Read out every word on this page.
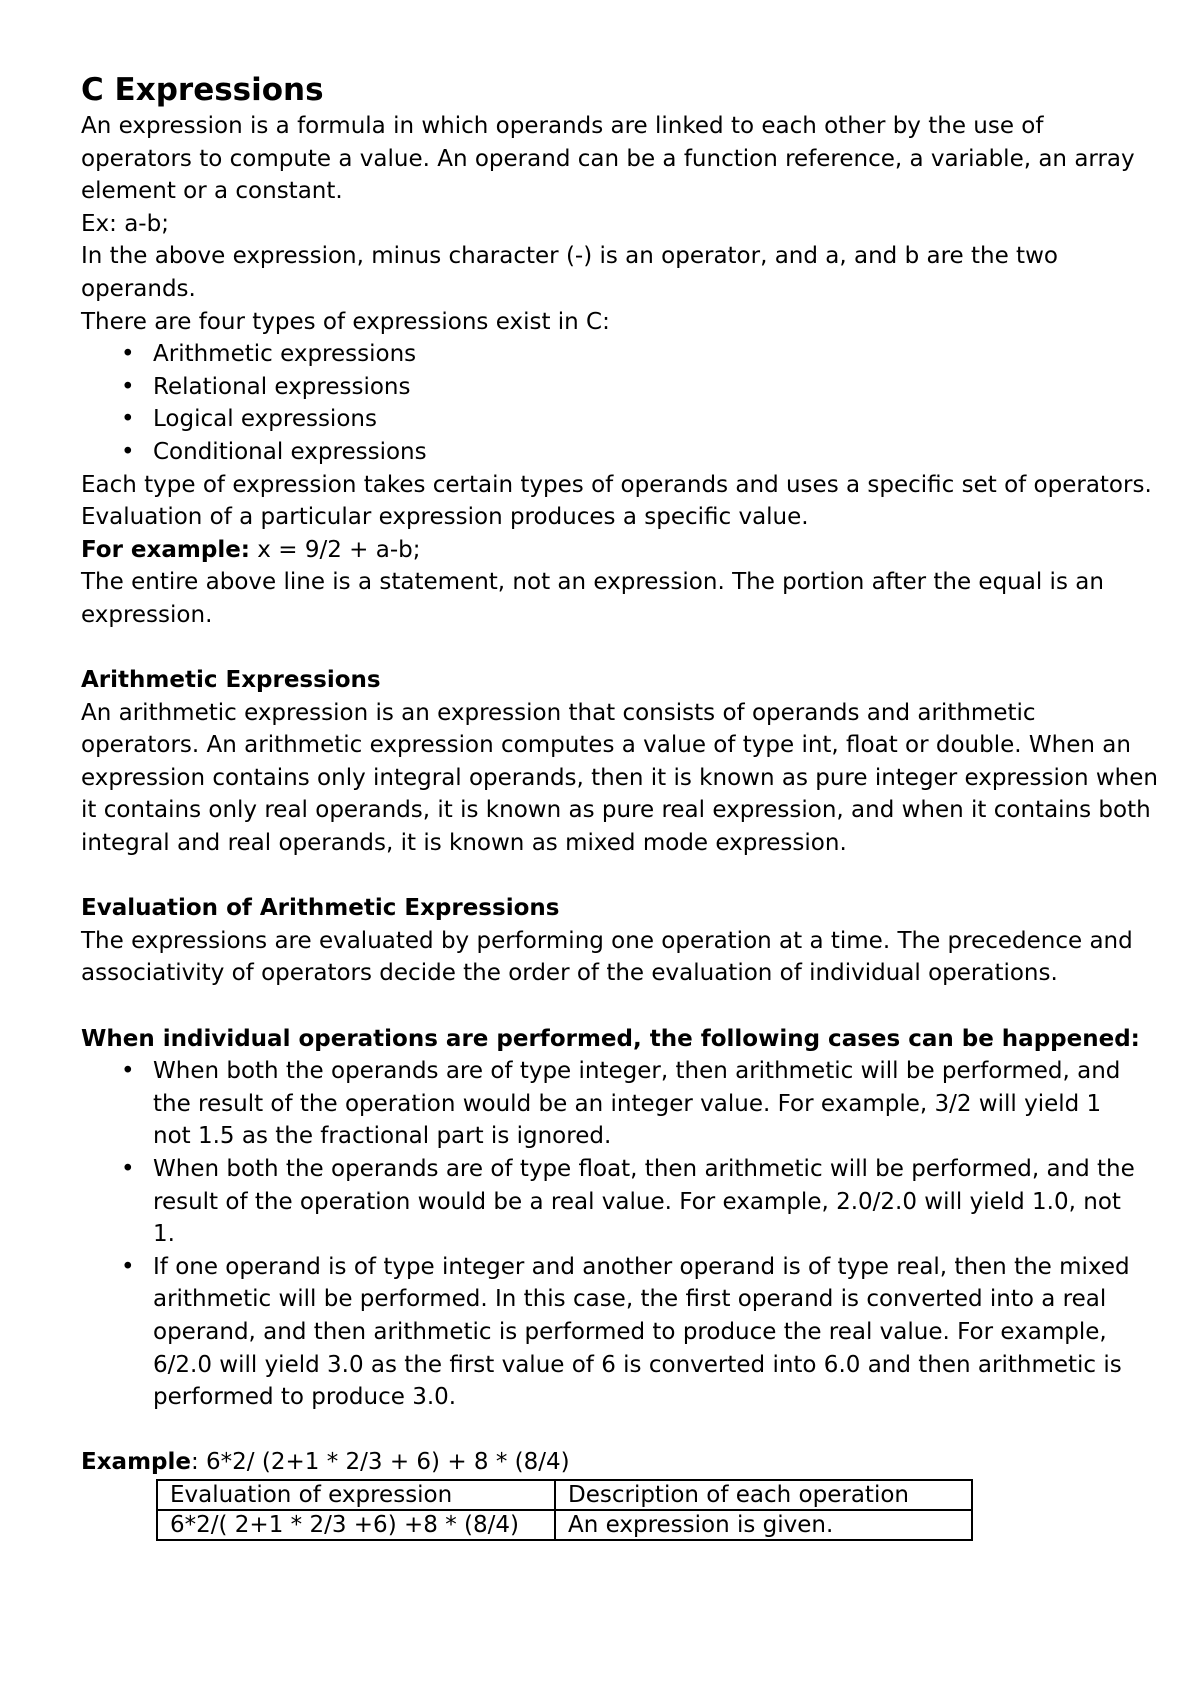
C Expressions

An expression is a formula in which operands are linked to each other by the use of operators to compute a value. An operand can be a function reference, a variable, an array element or a constant.

Ex: a-b;

In the above expression, minus character (-) is an operator, and a, and b are the two operands.

There are four types of expressions exist in C:

• Arithmetic expressions
• Relational expressions
• Logical expressions
• Conditional expressions

Each type of expression takes certain types of operands and uses a specific set of operators. Evaluation of a particular expression produces a specific value.

For example: x = 9/2 + a-b;

The entire above line is a statement, not an expression. The portion after the equal is an expression.

Arithmetic Expressions

An arithmetic expression is an expression that consists of operands and arithmetic operators. An arithmetic expression computes a value of type int, float or double. When an expression contains only integral operands, then it is known as pure integer expression when it contains only real operands, it is known as pure real expression, and when it contains both integral and real operands, it is known as mixed mode expression.

Evaluation of Arithmetic Expressions

The expressions are evaluated by performing one operation at a time. The precedence and associativity of operators decide the order of the evaluation of individual operations.

When individual operations are performed, the following cases can be happened:

• When both the operands are of type integer, then arithmetic will be performed, and the result of the operation would be an integer value. For example, 3/2 will yield 1 not 1.5 as the fractional part is ignored.
• When both the operands are of type float, then arithmetic will be performed, and the result of the operation would be a real value. For example, 2.0/2.0 will yield 1.0, not 1.
• If one operand is of type integer and another operand is of type real, then the mixed arithmetic will be performed. In this case, the first operand is converted into a real operand, and then arithmetic is performed to produce the real value. For example, 6/2.0 will yield 3.0 as the first value of 6 is converted into 6.0 and then arithmetic is performed to produce 3.0.

Example: 6*2/ (2+1 * 2/3 + 6) + 8 * (8/4)

Evaluation of expression	Description of each operation
6*2/( 2+1 * 2/3 +6) +8 * (8/4)	An expression is given.
